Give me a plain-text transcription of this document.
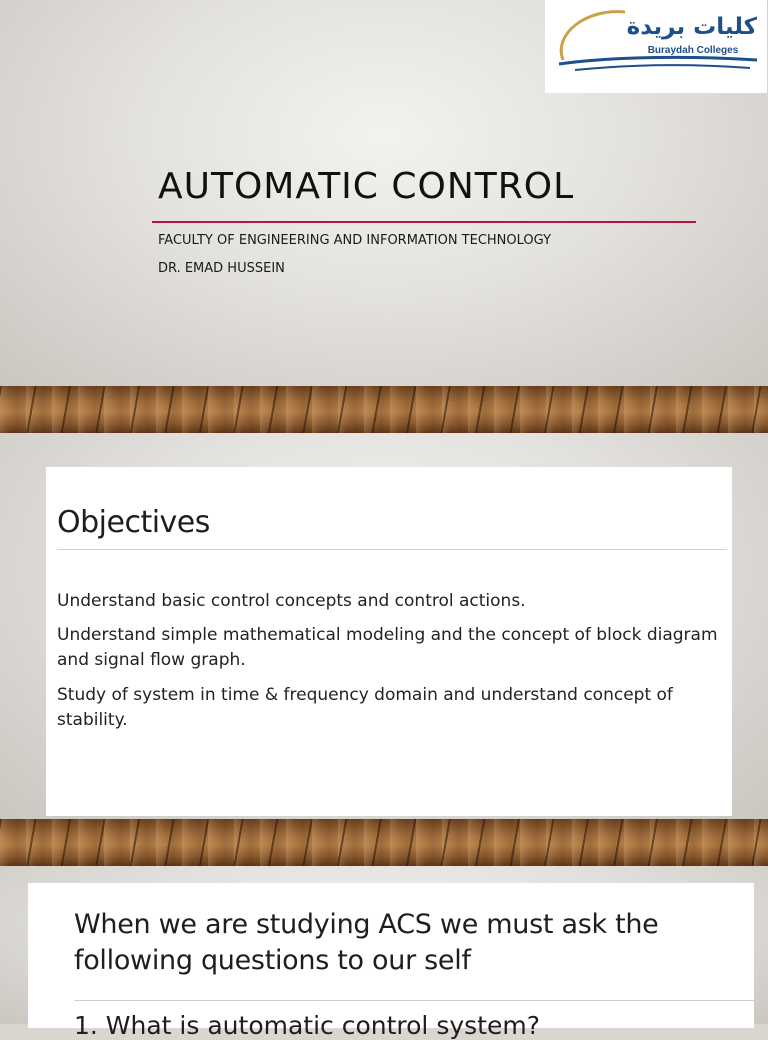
كليات بريدة
Buraydah Colleges
AUTOMATIC CONTROL
FACULTY OF ENGINEERING AND INFORMATION TECHNOLOGY
DR. EMAD HUSSEIN
Objectives
Understand basic control concepts and control actions.
Understand simple mathematical modeling and the concept of block diagram and signal flow graph.
Study of system in time & frequency domain and understand concept of stability.
When we are studying ACS we must ask the following questions to our self
1. What is automatic control system?
